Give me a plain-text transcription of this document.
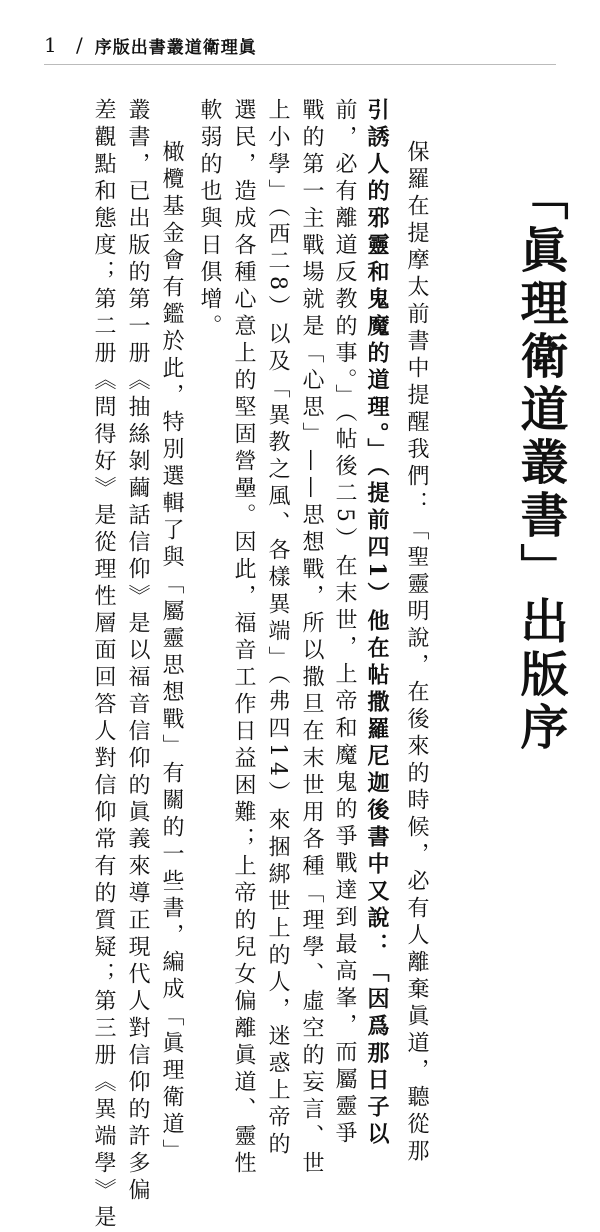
1 / 序版出書叢道衛理眞
「眞理衛道叢書」出版序
保羅在提摩太前書中提醒我們：「聖靈明說，在後來的時候，必有人離棄眞道，聽從那
引誘人的邪靈和鬼魔的道理。」（提前四1）他在帖撒羅尼迦後書中又說：「因爲那日子以
前，必有離道反教的事。」（帖後二5）在末世，上帝和魔鬼的爭戰達到最高峯，而屬靈爭
戰的第一主戰場就是「心思」——思想戰，所以撒旦在末世用各種「理學、虛空的妄言、世
上小學」（西二8）以及「異教之風、各樣異端」（弗四14）來捆綁世上的人，迷惑上帝的
選民，造成各種心意上的堅固營壘。因此，福音工作日益困難；上帝的兒女偏離眞道、靈性
軟弱的也與日俱增。
橄欖基金會有鑑於此，特別選輯了與「屬靈思想戰」有關的一些書，編成「眞理衛道」
叢書，已出版的第一册《抽絲剝繭話信仰》是以福音信仰的眞義來導正現代人對信仰的許多偏
差觀點和態度；第二册《問得好》是從理性層面回答人對信仰常有的質疑；第三册《異端學》是
